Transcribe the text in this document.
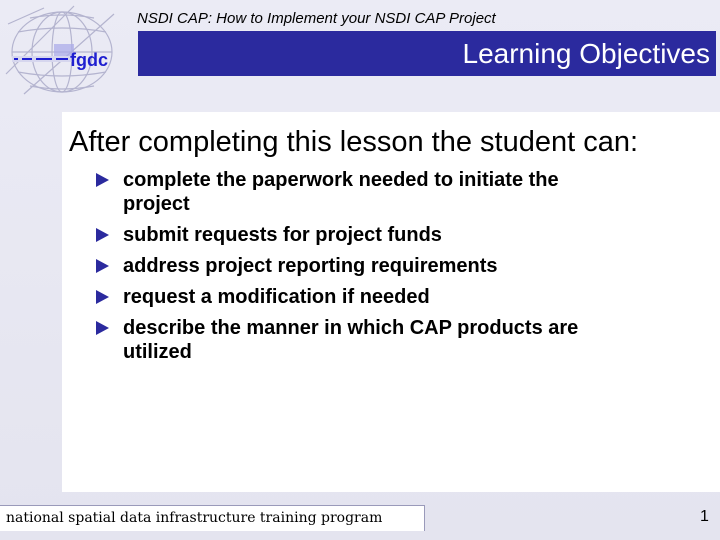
fgdc
NSDI CAP: How to Implement your NSDI CAP Project
Learning Objectives
After completing this lesson the student can:
complete the paperwork needed to initiate the
project
submit requests for project funds
address project reporting requirements
request a modification if needed
describe the manner in which CAP products are
utilized
national spatial data infrastructure training program	1
